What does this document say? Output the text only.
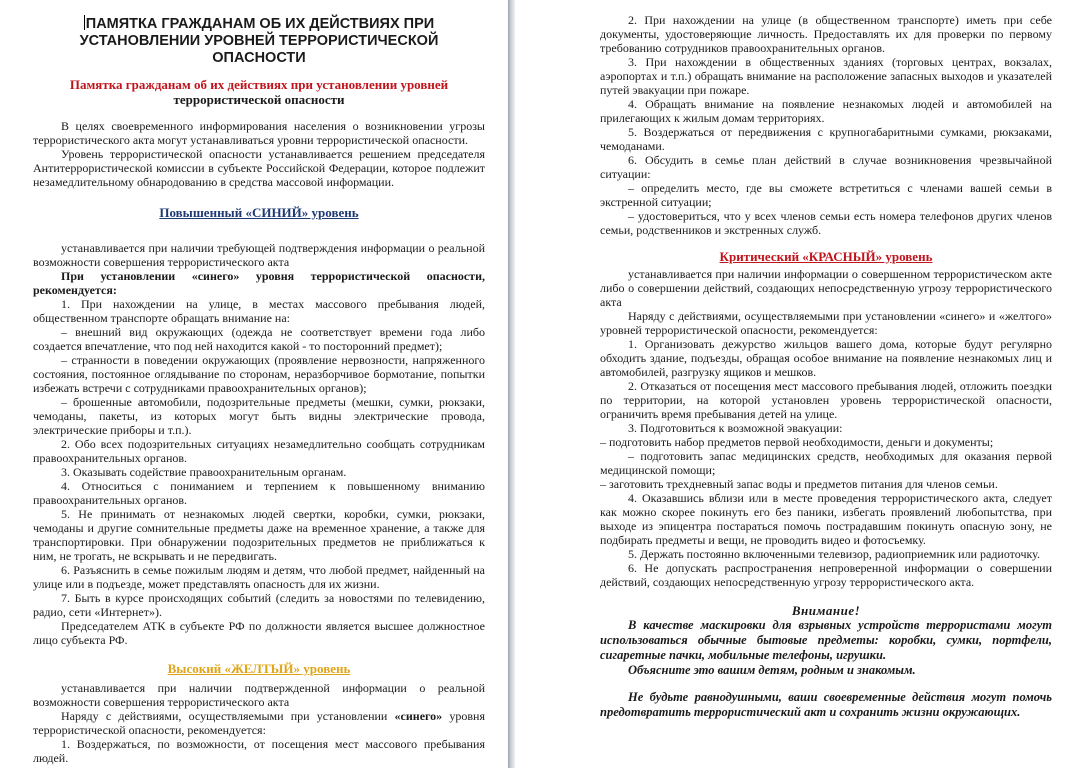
ПАМЯТКА ГРАЖДАНАМ ОБ ИХ ДЕЙСТВИЯХ ПРИ УСТАНОВЛЕНИИ УРОВНЕЙ ТЕРРОРИСТИЧЕСКОЙ ОПАСНОСТИ

Памятка гражданам об их действиях при установлении уровней
террористической опасности

В целях своевременного информирования населения о возникновении угрозы террористического акта могут устанавливаться уровни террористической опасности.

Уровень террористической опасности устанавливается решением председателя Антитеррористической комиссии в субъекте Российской Федерации, которое подлежит незамедлительному обнародованию в средства массовой информации.

Повышенный «СИНИЙ» уровень

устанавливается при наличии требующей подтверждения информации о реальной возможности совершения террористического акта

При установлении «синего» уровня террористической опасности, рекомендуется:

1. При нахождении на улице, в местах массового пребывания людей, общественном транспорте обращать внимание на:

– внешний вид окружающих (одежда не соответствует времени года либо создается впечатление, что под ней находится какой - то посторонний предмет);

– странности в поведении окружающих (проявление нервозности, напряженного состояния, постоянное оглядывание по сторонам, неразборчивое бормотание, попытки избежать встречи с сотрудниками правоохранительных органов);

– брошенные автомобили, подозрительные предметы (мешки, сумки, рюкзаки, чемоданы, пакеты, из которых могут быть видны электрические провода, электрические приборы и т.п.).

2. Обо всех подозрительных ситуациях незамедлительно сообщать сотрудникам правоохранительных органов.

3. Оказывать содействие правоохранительным органам.

4. Относиться с пониманием и терпением к повышенному вниманию правоохранительных органов.

5. Не принимать от незнакомых людей свертки, коробки, сумки, рюкзаки, чемоданы и другие сомнительные предметы даже на временное хранение, а также для транспортировки. При обнаружении подозрительных предметов не приближаться к ним, не трогать, не вскрывать и не передвигать.

6. Разъяснить в семье пожилым людям и детям, что любой предмет, найденный на улице или в подъезде, может представлять опасность для их жизни.

7. Быть в курсе происходящих событий (следить за новостями по телевидению, радио, сети «Интернет»).

Председателем АТК в субъекте РФ по должности является высшее должностное лицо субъекта РФ.

Высокий «ЖЕЛТЫЙ» уровень

устанавливается при наличии подтвержденной информации о реальной возможности совершения террористического акта

Наряду с действиями, осуществляемыми при установлении «синего» уровня террористической опасности, рекомендуется:

1. Воздержаться, по возможности, от посещения мест массового пребывания людей.

2. При нахождении на улице (в общественном транспорте) иметь при себе документы, удостоверяющие личность. Предоставлять их для проверки по первому требованию сотрудников правоохранительных органов.

3. При нахождении в общественных зданиях (торговых центрах, вокзалах, аэропортах и т.п.) обращать внимание на расположение запасных выходов и указателей путей эвакуации при пожаре.

4. Обращать внимание на появление незнакомых людей и автомобилей на прилегающих к жилым домам территориях.

5. Воздержаться от передвижения с крупногабаритными сумками, рюкзаками, чемоданами.

6. Обсудить в семье план действий в случае возникновения чрезвычайной ситуации:

– определить место, где вы сможете встретиться с членами вашей семьи в экстренной ситуации;

– удостовериться, что у всех членов семьи есть номера телефонов других членов семьи, родственников и экстренных служб.

Критический «КРАСНЫЙ» уровень

устанавливается при наличии информации о совершенном террористическом акте либо о совершении действий, создающих непосредственную угрозу террористического акта

Наряду с действиями, осуществляемыми при установлении «синего» и «желтого» уровней террористической опасности, рекомендуется:

1. Организовать дежурство жильцов вашего дома, которые будут регулярно обходить здание, подъезды, обращая особое внимание на появление незнакомых лиц и автомобилей, разгрузку ящиков и мешков.

2. Отказаться от посещения мест массового пребывания людей, отложить поездки по территории, на которой установлен уровень террористической опасности, ограничить время пребывания детей на улице.

3. Подготовиться к возможной эвакуации:

– подготовить набор предметов первой необходимости, деньги и документы;

– подготовить запас медицинских средств, необходимых для оказания первой медицинской помощи;

– заготовить трехдневный запас воды и предметов питания для членов семьи.

4. Оказавшись вблизи или в месте проведения террористического акта, следует как можно скорее покинуть его без паники, избегать проявлений любопытства, при выходе из эпицентра постараться помочь пострадавшим покинуть опасную зону, не подбирать предметы и вещи, не проводить видео и фотосъемку.

5. Держать постоянно включенными телевизор, радиоприемник или радиоточку.

6. Не допускать распространения непроверенной информации о совершении действий, создающих непосредственную угрозу террористического акта.

Внимание!

В качестве маскировки для взрывных устройств террористами могут использоваться обычные бытовые предметы: коробки, сумки, портфели, сигаретные пачки, мобильные телефоны, игрушки.

Объясните это вашим детям, родным и знакомым.

Не будьте равнодушными, ваши своевременные действия могут помочь предотвратить террористический акт и сохранить жизни окружающих.
